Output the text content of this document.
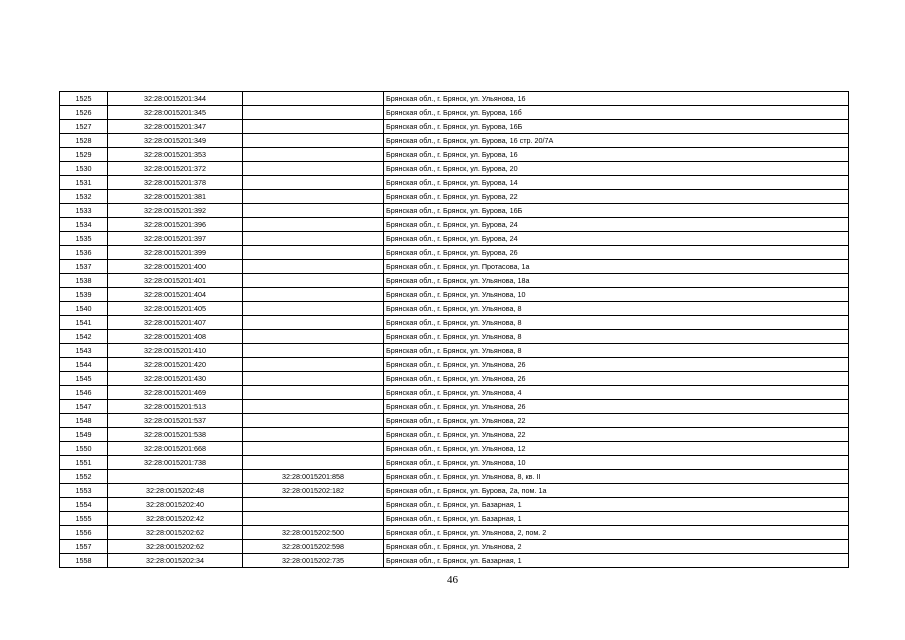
1525	32:28:0015201:344		Брянская обл., г. Брянск, ул. Ульянова, 16
1526	32:28:0015201:345		Брянская обл., г. Брянск, ул. Бурова, 16б
1527	32:28:0015201:347		Брянская обл., г. Брянск, ул. Бурова, 16Б
1528	32:28:0015201:349		Брянская обл., г. Брянск, ул. Бурова, 16 стр. 20/7А
1529	32:28:0015201:353		Брянская обл., г. Брянск, ул. Бурова, 16
1530	32:28:0015201:372		Брянская обл., г. Брянск, ул. Бурова, 20
1531	32:28:0015201:378		Брянская обл., г. Брянск, ул. Бурова, 14
1532	32:28:0015201:381		Брянская обл., г. Брянск, ул. Бурова, 22
1533	32:28:0015201:392		Брянская обл., г. Брянск, ул. Бурова, 16Б
1534	32:28:0015201:396		Брянская обл., г. Брянск, ул. Бурова, 24
1535	32:28:0015201:397		Брянская обл., г. Брянск, ул. Бурова, 24
1536	32:28:0015201:399		Брянская обл., г. Брянск, ул. Бурова, 26
1537	32:28:0015201:400		Брянская обл., г. Брянск, ул. Протасова, 1а
1538	32:28:0015201:401		Брянская обл., г. Брянск, ул. Ульянова, 18а
1539	32:28:0015201:404		Брянская обл., г. Брянск, ул. Ульянова, 10
1540	32:28:0015201:405		Брянская обл., г. Брянск, ул. Ульянова, 8
1541	32:28:0015201:407		Брянская обл., г. Брянск, ул. Ульянова, 8
1542	32:28:0015201:408		Брянская обл., г. Брянск, ул. Ульянова, 8
1543	32:28:0015201:410		Брянская обл., г. Брянск, ул. Ульянова, 8
1544	32:28:0015201:420		Брянская обл., г. Брянск, ул. Ульянова, 26
1545	32:28:0015201:430		Брянская обл., г. Брянск, ул. Ульянова, 26
1546	32:28:0015201:469		Брянская обл., г. Брянск, ул. Ульянова, 4
1547	32:28:0015201:513		Брянская обл., г. Брянск, ул. Ульянова, 26
1548	32:28:0015201:537		Брянская обл., г. Брянск, ул. Ульянова, 22
1549	32:28:0015201:538		Брянская обл., г. Брянск, ул. Ульянова, 22
1550	32:28:0015201:668		Брянская обл., г. Брянск, ул. Ульянова, 12
1551	32:28:0015201:738		Брянская обл., г. Брянск, ул. Ульянова, 10
1552		32:28:0015201:858	Брянская обл., г. Брянск, ул. Ульянова, 8, кв. II
1553	32:28:0015202:48	32:28:0015202:182	Брянская обл., г. Брянск, ул. Бурова, 2а, пом. 1а
1554	32:28:0015202:40		Брянская обл., г. Брянск, ул. Базарная, 1
1555	32:28:0015202:42		Брянская обл., г. Брянск, ул. Базарная, 1
1556	32:28:0015202:62	32:28:0015202:500	Брянская обл., г. Брянск, ул. Ульянова, 2, пом. 2
1557	32:28:0015202:62	32:28:0015202:598	Брянская обл., г. Брянск, ул. Ульянова, 2
1558	32:28:0015202:34	32:28:0015202:735	Брянская обл., г. Брянск, ул. Базарная, 1
46
